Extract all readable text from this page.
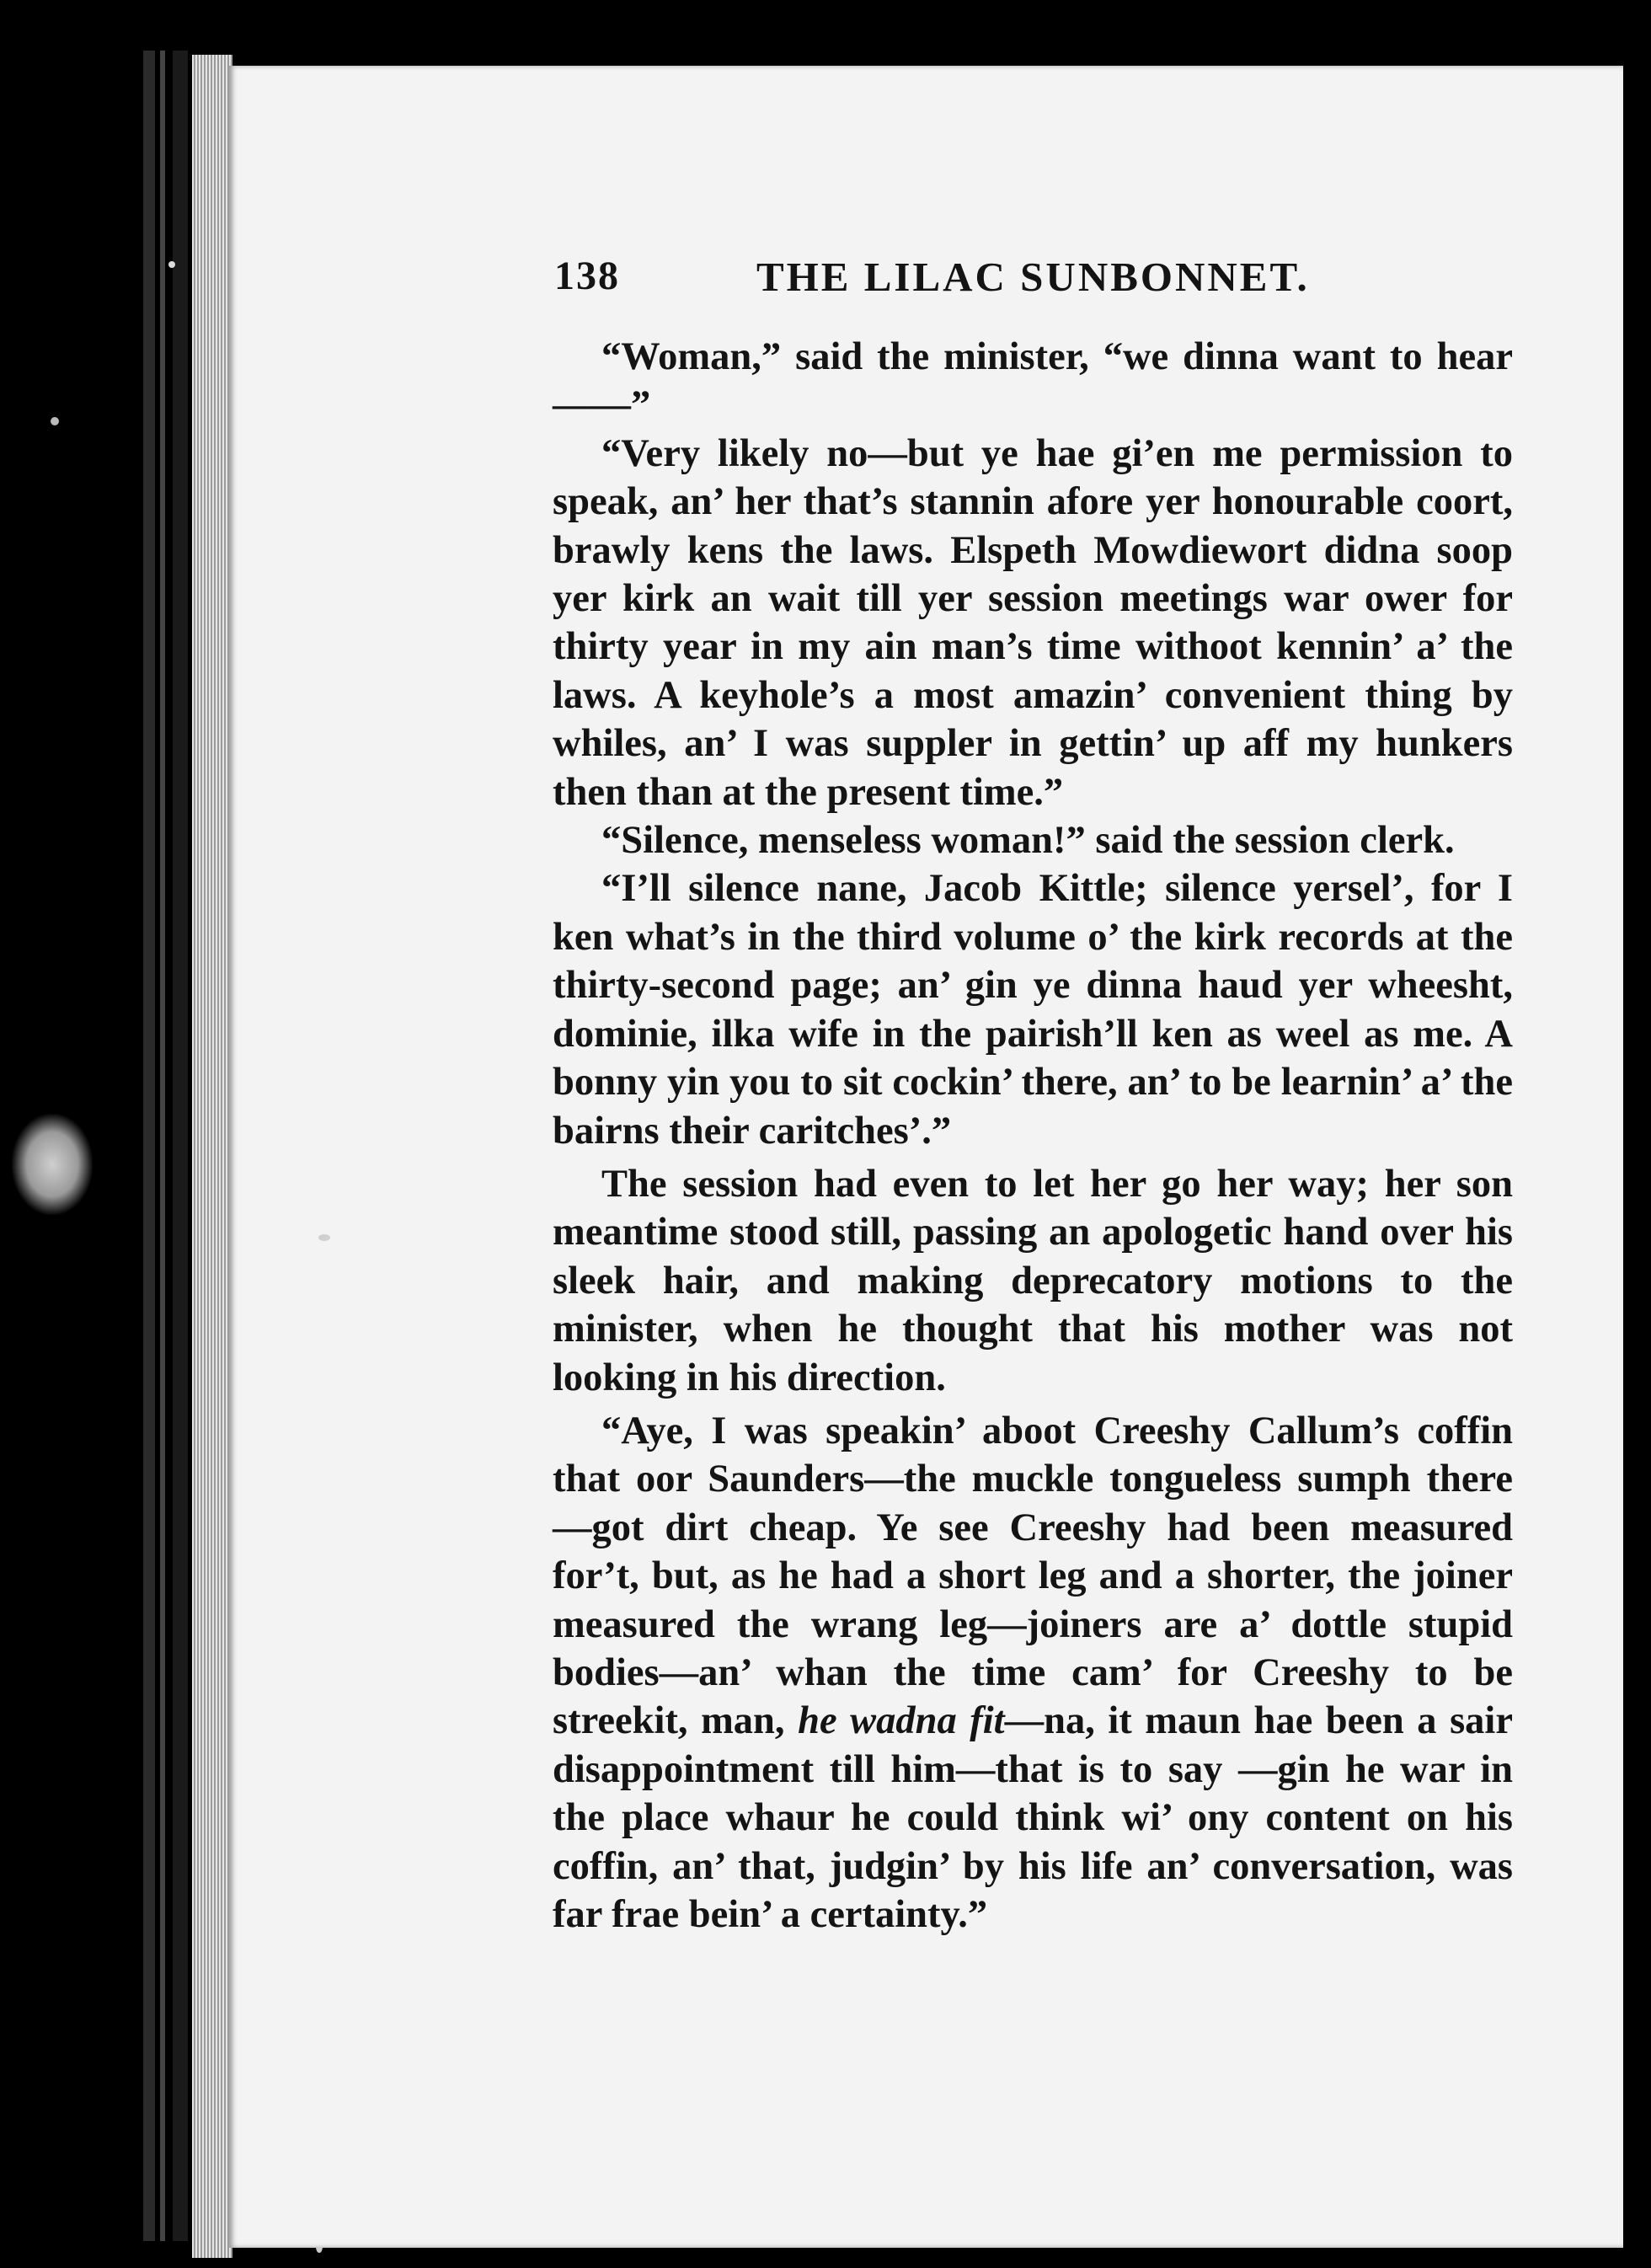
138	THE LILAC SUNBONNET.

“Woman,” said the minister, “we dinna want to hear——”

“Very likely no—but ye hae gi’en me permission to speak, an’ her that’s stannin afore yer honourable coort, brawly kens the laws. Elspeth Mowdiewort didna soop yer kirk an wait till yer session meetings war ower for thirty year in my ain man’s time withoot kennin’ a’ the laws. A keyhole’s a most amazin’ convenient thing by whiles, an’ I was suppler in gettin’ up aff my hunkers then than at the present time.”

“Silence, menseless woman!” said the session clerk.

“I’ll silence nane, Jacob Kittle; silence yersel’, for I ken what’s in the third volume o’ the kirk records at the thirty-second page; an’ gin ye dinna haud yer wheesht, dominie, ilka wife in the pairish’ll ken as weel as me. A bonny yin you to sit cockin’ there, an’ to be learnin’ a’ the bairns their caritches’.”

The session had even to let her go her way; her son meantime stood still, passing an apologetic hand over his sleek hair, and making deprecatory motions to the minister, when he thought that his mother was not looking in his direction.

“Aye, I was speakin’ aboot Creeshy Callum’s coffin that oor Saunders—the muckle tongueless sumph there—got dirt cheap. Ye see Creeshy had been measured for’t, but, as he had a short leg and a shorter, the joiner measured the wrang leg—joiners are a’ dottle stupid bodies—an’ whan the time cam’ for Creeshy to be streekit, man, he wadna fit—na, it maun hae been a sair disappointment till him—that is to say —gin he war in the place whaur he could think wi’ ony content on his coffin, an’ that, judgin’ by his life an’ conversation, was far frae bein’ a certainty.”
